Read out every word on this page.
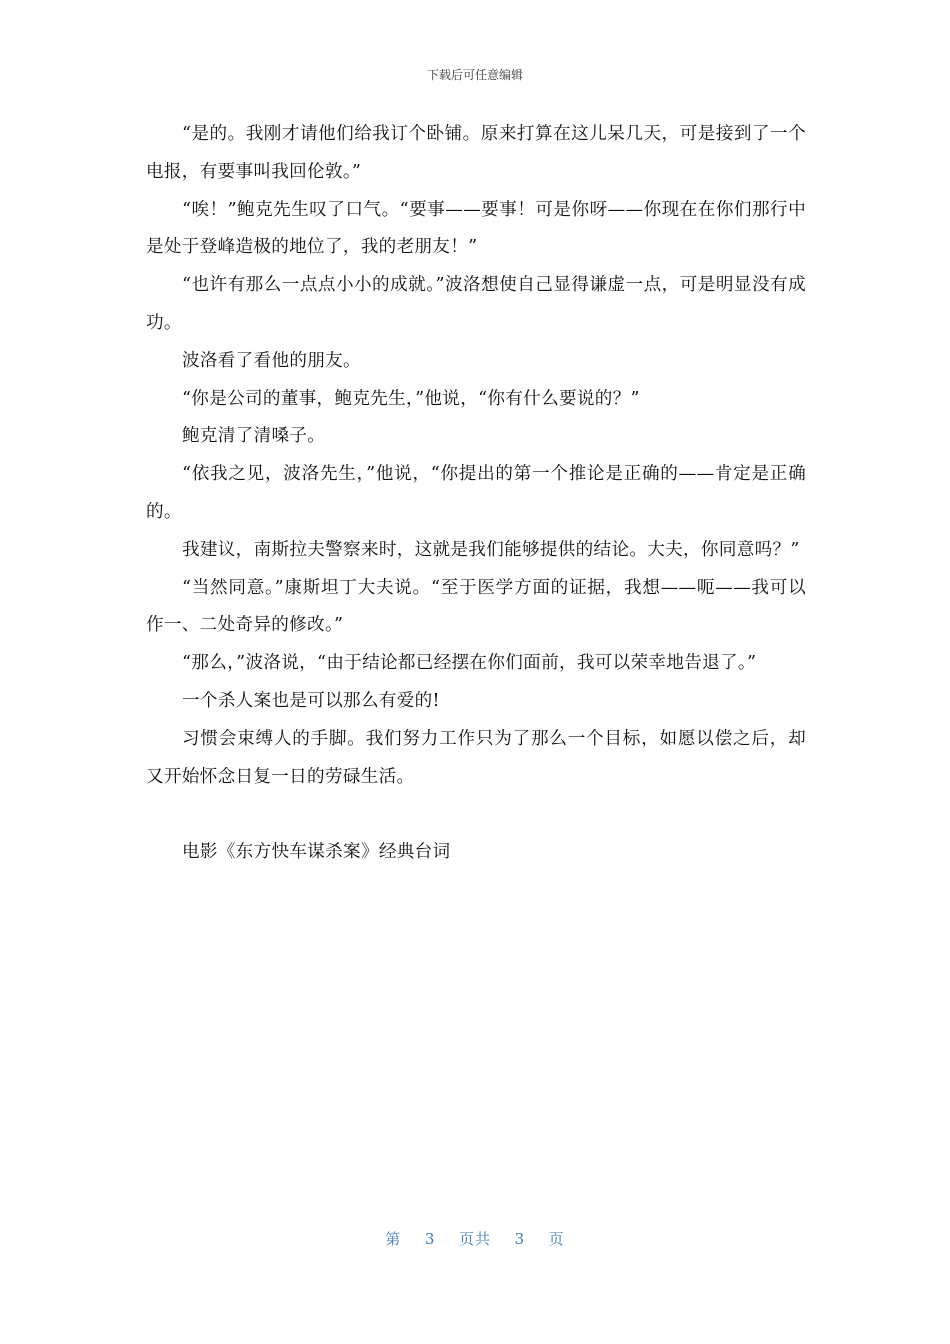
下载后可任意编辑

“是的。我刚才请他们给我订个卧铺。原来打算在这儿呆几天，可是接到了一个电报，有要事叫我回伦敦。”

“唉！”鲍克先生叹了口气。“要事——要事！可是你呀——你现在在你们那行中是处于登峰造极的地位了，我的老朋友！”

“也许有那么一点点小小的成就。”波洛想使自己显得谦虚一点，可是明显没有成功。

波洛看了看他的朋友。

“你是公司的董事，鲍克先生，”他说，“你有什么要说的？”

鲍克清了清嗓子。

“依我之见，波洛先生，”他说，“你提出的第一个推论是正确的——肯定是正确的。

我建议，南斯拉夫警察来时，这就是我们能够提供的结论。大夫，你同意吗？”

“当然同意。”康斯坦丁大夫说。“至于医学方面的证据，我想——呃——我可以作一、二处奇异的修改。”

“那么，”波洛说，“由于结论都已经摆在你们面前，我可以荣幸地告退了。”

一个杀人案也是可以那么有爱的!

习惯会束缚人的手脚。我们努力工作只为了那么一个目标，如愿以偿之后，却又开始怀念日复一日的劳碌生活。

电影《东方快车谋杀案》经典台词

第 3 页共 3 页
